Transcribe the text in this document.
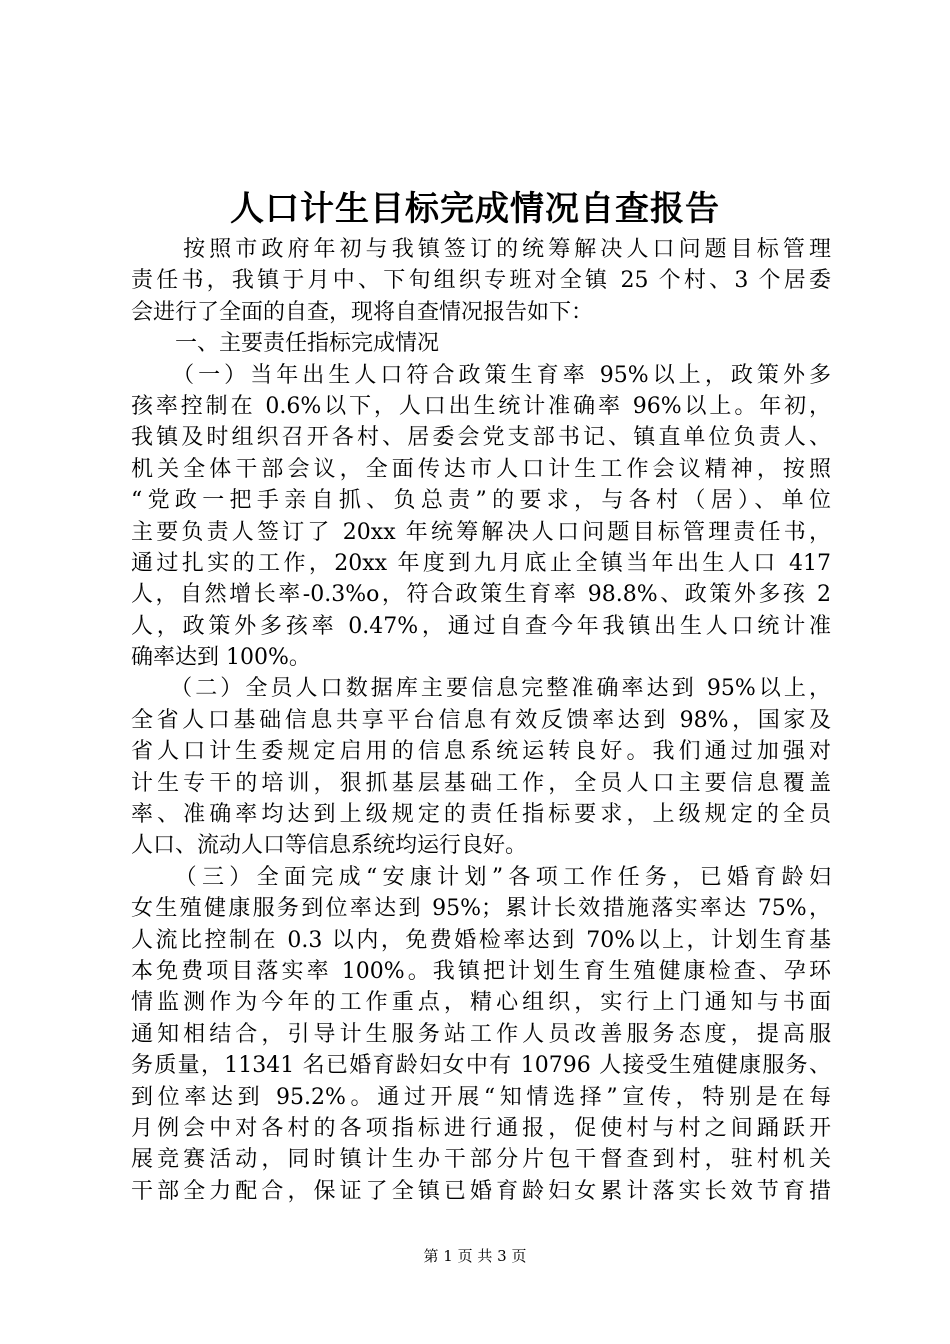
人口计生目标完成情况自查报告
　　按照市政府年初与我镇签订的统筹解决人口问题目标管理
责任书，我镇于月中、下旬组织专班对全镇 25 个村、3 个居委
会进行了全面的自查，现将自查情况报告如下：
　　一、主要责任指标完成情况
　　（一）当年出生人口符合政策生育率 95%以上，政策外多
孩率控制在 0.6%以下，人口出生统计准确率 96%以上。年初，
我镇及时组织召开各村、居委会党支部书记、镇直单位负责人、
机关全体干部会议，全面传达市人口计生工作会议精神，按照
“党政一把手亲自抓、负总责”的要求，与各村（居）、单位
主要负责人签订了 20xx 年统筹解决人口问题目标管理责任书，
通过扎实的工作，20xx 年度到九月底止全镇当年出生人口 417
人，自然增长率-0.3%o，符合政策生育率 98.8%、政策外多孩 2
人，政策外多孩率 0.47%，通过自查今年我镇出生人口统计准
确率达到 100%。
　　（二）全员人口数据库主要信息完整准确率达到 95%以上，
全省人口基础信息共享平台信息有效反馈率达到 98%，国家及
省人口计生委规定启用的信息系统运转良好。我们通过加强对
计生专干的培训，狠抓基层基础工作，全员人口主要信息覆盖
率、准确率均达到上级规定的责任指标要求，上级规定的全员
人口、流动人口等信息系统均运行良好。
　　（三）全面完成“安康计划”各项工作任务，已婚育龄妇
女生殖健康服务到位率达到 95%；累计长效措施落实率达 75%，
人流比控制在 0.3 以内，免费婚检率达到 70%以上，计划生育基
本免费项目落实率 100%。我镇把计划生育生殖健康检查、孕环
情监测作为今年的工作重点，精心组织，实行上门通知与书面
通知相结合，引导计生服务站工作人员改善服务态度，提高服
务质量，11341 名已婚育龄妇女中有 10796 人接受生殖健康服务、
到位率达到 95.2%。通过开展“知情选择”宣传，特别是在每
月例会中对各村的各项指标进行通报，促使村与村之间踊跃开
展竞赛活动，同时镇计生办干部分片包干督查到村，驻村机关
干部全力配合，保证了全镇已婚育龄妇女累计落实长效节育措
第 1 页 共 3 页
